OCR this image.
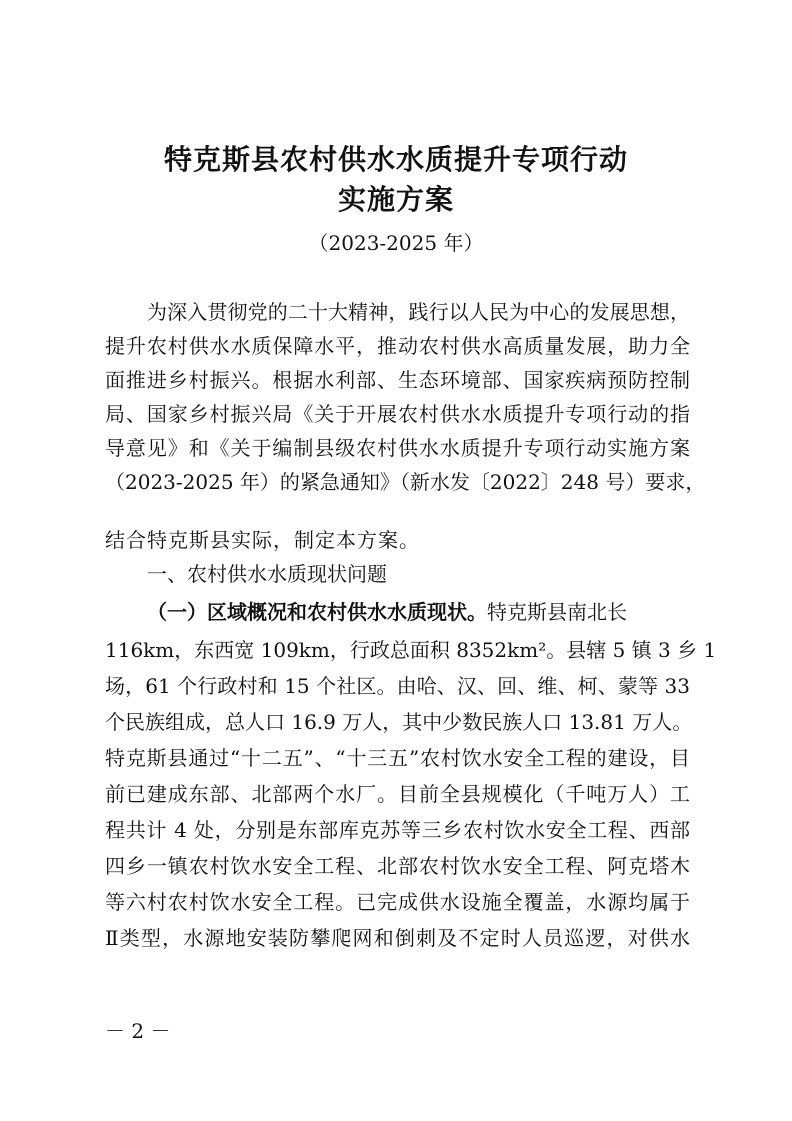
特克斯县农村供水水质提升专项行动
实施方案
（2023-2025 年）
为深入贯彻党的二十大精神，践行以人民为中心的发展思想，
提升农村供水水质保障水平，推动农村供水高质量发展，助力全
面推进乡村振兴。根据水利部、生态环境部、国家疾病预防控制
局、国家乡村振兴局《关于开展农村供水水质提升专项行动的指
导意见》和《关于编制县级农村供水水质提升专项行动实施方案
（2023-2025 年）的紧急通知》（新水发〔2022〕248 号）要求，
结合特克斯县实际，制定本方案。
一、农村供水水质现状问题
（一）区域概况和农村供水水质现状。特克斯县南北长
116km，东西宽 109km，行政总面积 8352km²。县辖 5 镇 3 乡 1
场，61 个行政村和 15 个社区。由哈、汉、回、维、柯、蒙等 33
个民族组成，总人口 16.9 万人，其中少数民族人口 13.81 万人。
特克斯县通过“十二五”、“十三五”农村饮水安全工程的建设，目
前已建成东部、北部两个水厂。目前全县规模化（千吨万人）工
程共计 4 处，分别是东部库克苏等三乡农村饮水安全工程、西部
四乡一镇农村饮水安全工程、北部农村饮水安全工程、阿克塔木
等六村农村饮水安全工程。已完成供水设施全覆盖，水源均属于
Ⅱ类型，水源地安装防攀爬网和倒刺及不定时人员巡逻，对供水
－ 2 －
